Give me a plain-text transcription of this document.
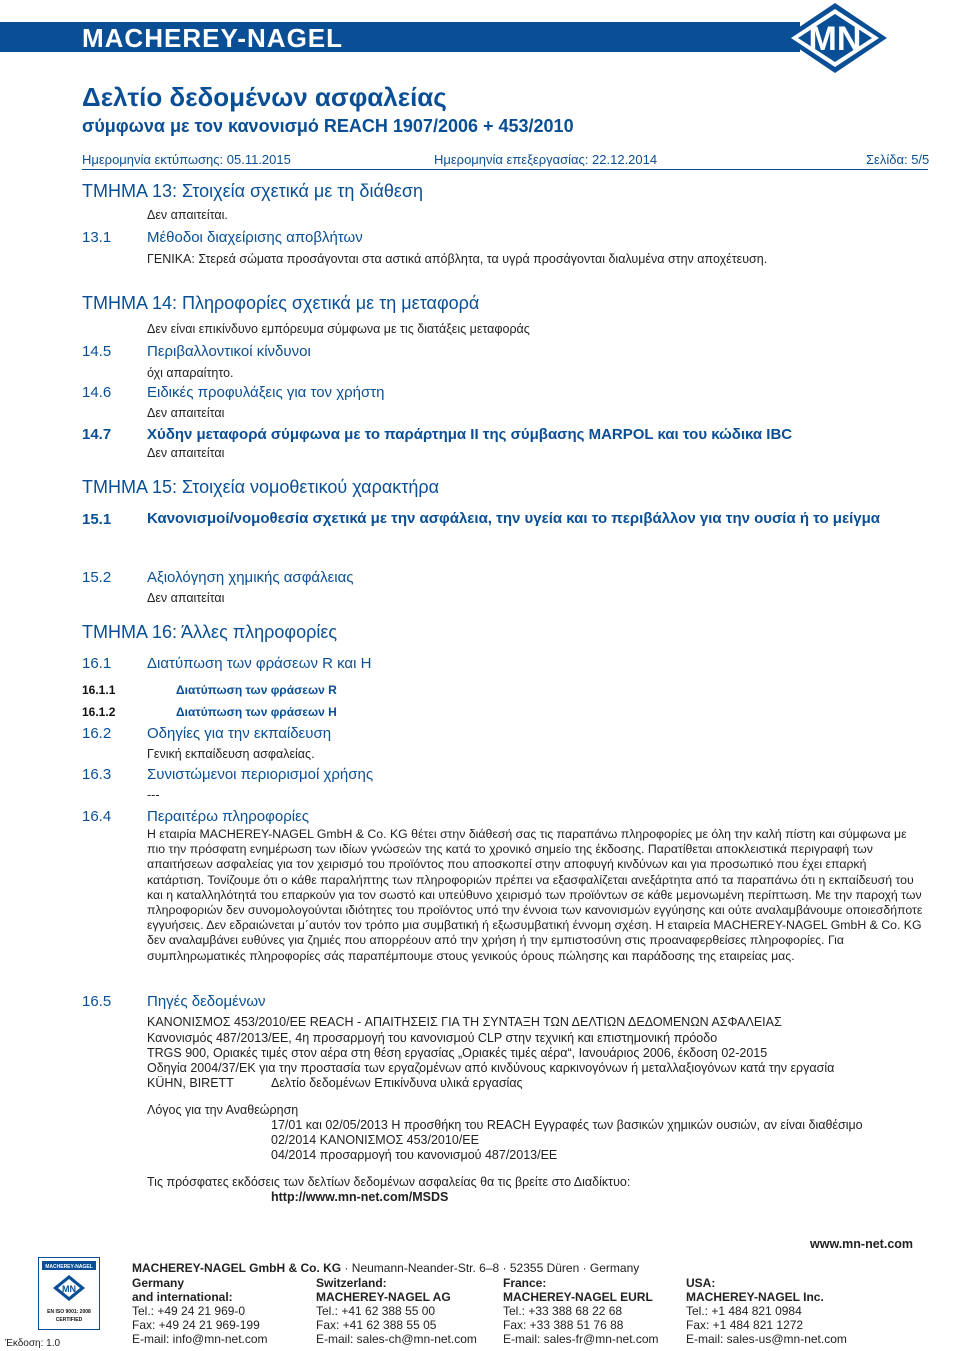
MACHEREY-NAGEL	MN
Δελτίο δεδομένων ασφαλείας
σύμφωνα με τον κανονισμό REACH 1907/2006 + 453/2010
Ημερομηνία εκτύπωσης: 05.11.2015	Ημερομηνία επεξεργασίας: 22.12.2014	Σελίδα: 5/5
ΤΜΗΜΑ 13: Στοιχεία σχετικά με τη διάθεση
Δεν απαιτείται.
13.1 Μέθοδοι διαχείρισης αποβλήτων
ΓΕΝΙΚΑ: Στερεά σώματα προσάγονται στα αστικά απόβλητα, τα υγρά προσάγονται διαλυμένα στην αποχέτευση.
ΤΜΗΜΑ 14: Πληροφορίες σχετικά με τη μεταφορά
Δεν είναι επικίνδυνο εμπόρευμα σύμφωνα με τις διατάξεις μεταφοράς
14.5 Περιβαλλοντικοί κίνδυνοι
όχι απαραίτητο.
14.6 Ειδικές προφυλάξεις για τον χρήστη
Δεν απαιτείται
14.7 Χύδην μεταφορά σύμφωνα με το παράρτημα II της σύμβασης MARPOL και του κώδικα IBC
Δεν απαιτείται
ΤΜΗΜΑ 15: Στοιχεία νομοθετικού χαρακτήρα
15.1 Κανονισμοί/νομοθεσία σχετικά με την ασφάλεια, την υγεία και το περιβάλλον για την ουσία ή το μείγμα
15.2 Αξιολόγηση χημικής ασφάλειας
Δεν απαιτείται
ΤΜΗΜΑ 16: Άλλες πληροφορίες
16.1 Διατύπωση των φράσεων R και H
16.1.1	Διατύπωση των φράσεων R
16.1.2	Διατύπωση των φράσεων H
16.2 Οδηγίες για την εκπαίδευση
Γενική εκπαίδευση ασφαλείας.
16.3 Συνιστώμενοι περιορισμοί χρήσης
---
16.4 Περαιτέρω πληροφορίες
Η εταιρία MACHEREY-NAGEL GmbH & Co. KG θέτει στην διάθεσή σας τις παραπάνω πληροφορίες με όλη την καλή πίστη και σύμφωνα με πιο την πρόσφατη ενημέρωση των ιδίων γνώσεών της κατά το χρονικό σημείο της έκδοσης. Παρατίθεται αποκλειστικά περιγραφή των απαιτήσεων ασφαλείας για τον χειρισμό του προϊόντος που αποσκοπεί στην αποφυγή κινδύνων και για προσωπικό που έχει επαρκή κατάρτιση. Τονίζουμε ότι ο κάθε παραλήπτης των πληροφοριών πρέπει να εξασφαλίζεται ανεξάρτητα από τα παραπάνω ότι η εκπαίδευσή του και η καταλληλότητά του επαρκούν για τον σωστό και υπεύθυνο χειρισμό των προϊόντων σε κάθε μεμονωμένη περίπτωση. Με την παροχή των πληροφοριών δεν συνομολογούνται ιδιότητες του προϊόντος υπό την έννοια των κανονισμών εγγύησης και ούτε αναλαμβάνουμε οποιεσδήποτε εγγυήσεις. Δεν εδραιώνεται μ΄αυτόν τον τρόπο μια συμβατική ή εξωσυμβατική έννομη σχέση. Η εταιρεία MACHEREY-NAGEL GmbH & Co. KG δεν αναλαμβάνει ευθύνες για ζημιές που απορρέουν από την χρήση ή την εμπιστοσύνη στις προαναφερθείσες πληροφορίες. Για συμπληρωματικές πληροφορίες σάς παραπέμπουμε στους γενικούς όρους πώλησης και παράδοσης της εταιρείας μας.
16.5 Πηγές δεδομένων
ΚΑΝΟΝΙΣΜΟΣ 453/2010/ΕΕ REACH - ΑΠΑΙΤΗΣΕΙΣ ΓΙΑ ΤΗ ΣΥΝΤΑΞΗ ΤΩΝ ΔΕΛΤΙΩΝ ΔΕΔΟΜΕΝΩΝ ΑΣΦΑΛΕΙΑΣ
Κανονισμός 487/2013/ΕΕ, 4η προσαρμογή του κανονισμού CLP στην τεχνική και επιστημονική πρόοδο
TRGS 900, Οριακές τιμές στον αέρα στη θέση εργασίας „Οριακές τιμές αέρα“, Ιανουάριος 2006, έκδοση 02-2015
Οδηγία 2004/37/ΕΚ για την προστασία των εργαζομένων από κινδύνους καρκινογόνων ή μεταλλαξιογόνων κατά την εργασία
KÜHN, BIRETT	Δελτίο δεδομένων Επικίνδυνα υλικά εργασίας
Λόγος για την Αναθεώρηση
17/01 και 02/05/2013 Η προσθήκη του REACH Εγγραφές των βασικών χημικών ουσιών, αν είναι διαθέσιμο
02/2014 ΚΑΝΟΝΙΣΜΟΣ 453/2010/ΕΕ
04/2014 προσαρμογή του κανονισμού 487/2013/ΕΕ
Τις πρόσφατες εκδόσεις των δελτίων δεδομένων ασφαλείας θα τις βρείτε στο Διαδίκτυο:
http://www.mn-net.com/MSDS
www.mn-net.com
MACHEREY-NAGEL GmbH & Co. KG · Neumann-Neander-Str. 6–8 · 52355 Düren · Germany
MACHEREY-NAGEL
MN
EN ISO 9001: 2008
CERTIFIED
Έκδοση: 1.0
Germany
and international:
Tel.: +49 24 21 969-0
Fax: +49 24 21 969-199
E-mail: info@mn-net.com
Switzerland:
MACHEREY-NAGEL AG
Tel.: +41 62 388 55 00
Fax: +41 62 388 55 05
E-mail: sales-ch@mn-net.com
France:
MACHEREY-NAGEL EURL
Tel.: +33 388 68 22 68
Fax: +33 388 51 76 88
E-mail: sales-fr@mn-net.com
USA:
MACHEREY-NAGEL Inc.
Tel.: +1 484 821 0984
Fax: +1 484 821 1272
E-mail: sales-us@mn-net.com
